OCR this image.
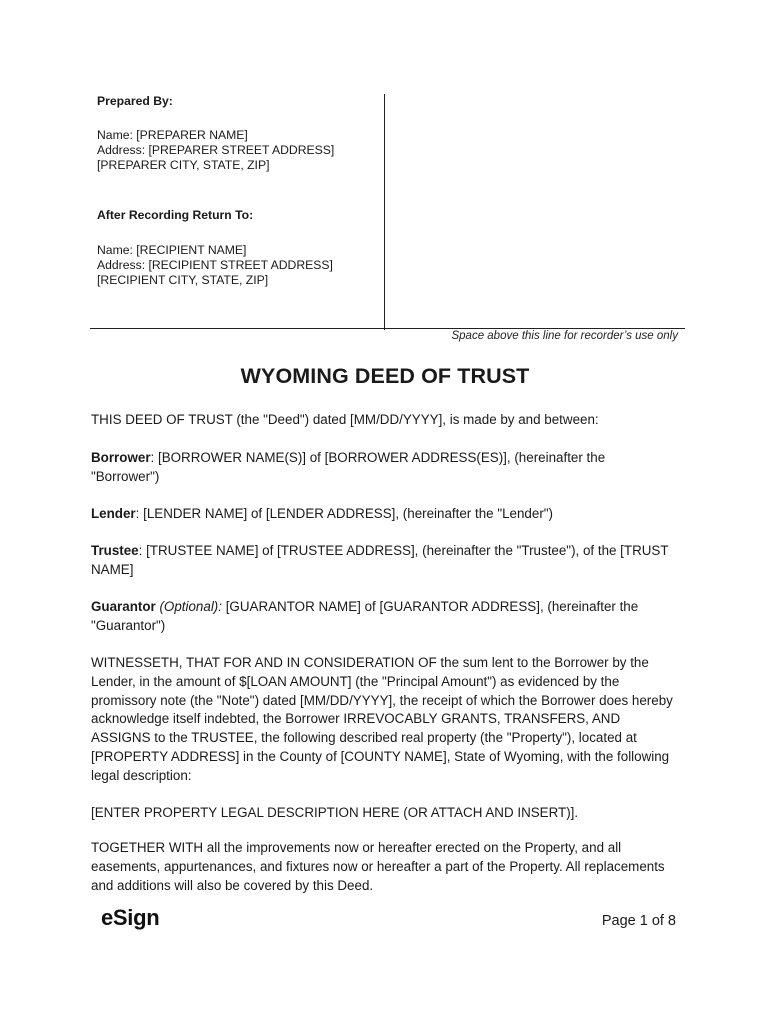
Prepared By:
Name: [PREPARER NAME]
Address: [PREPARER STREET ADDRESS]
[PREPARER CITY, STATE, ZIP]
After Recording Return To:
Name: [RECIPIENT NAME]
Address: [RECIPIENT STREET ADDRESS]
[RECIPIENT CITY, STATE, ZIP]
Space above this line for recorder’s use only
WYOMING DEED OF TRUST
THIS DEED OF TRUST (the "Deed") dated [MM/DD/YYYY], is made by and between:
Borrower: [BORROWER NAME(S)] of [BORROWER ADDRESS(ES)], (hereinafter the "Borrower")
Lender: [LENDER NAME] of [LENDER ADDRESS], (hereinafter the "Lender")
Trustee: [TRUSTEE NAME] of [TRUSTEE ADDRESS], (hereinafter the "Trustee"), of the [TRUST NAME]
Guarantor (Optional): [GUARANTOR NAME] of [GUARANTOR ADDRESS], (hereinafter the "Guarantor")
WITNESSETH, THAT FOR AND IN CONSIDERATION OF the sum lent to the Borrower by the Lender, in the amount of $[LOAN AMOUNT] (the "Principal Amount") as evidenced by the promissory note (the "Note") dated [MM/DD/YYYY], the receipt of which the Borrower does hereby acknowledge itself indebted, the Borrower IRREVOCABLY GRANTS, TRANSFERS, AND ASSIGNS to the TRUSTEE, the following described real property (the "Property"), located at [PROPERTY ADDRESS] in the County of [COUNTY NAME], State of Wyoming, with the following legal description:
[ENTER PROPERTY LEGAL DESCRIPTION HERE (OR ATTACH AND INSERT)].
TOGETHER WITH all the improvements now or hereafter erected on the Property, and all easements, appurtenances, and fixtures now or hereafter a part of the Property. All replacements and additions will also be covered by this Deed.
eSign	Page 1 of 8
